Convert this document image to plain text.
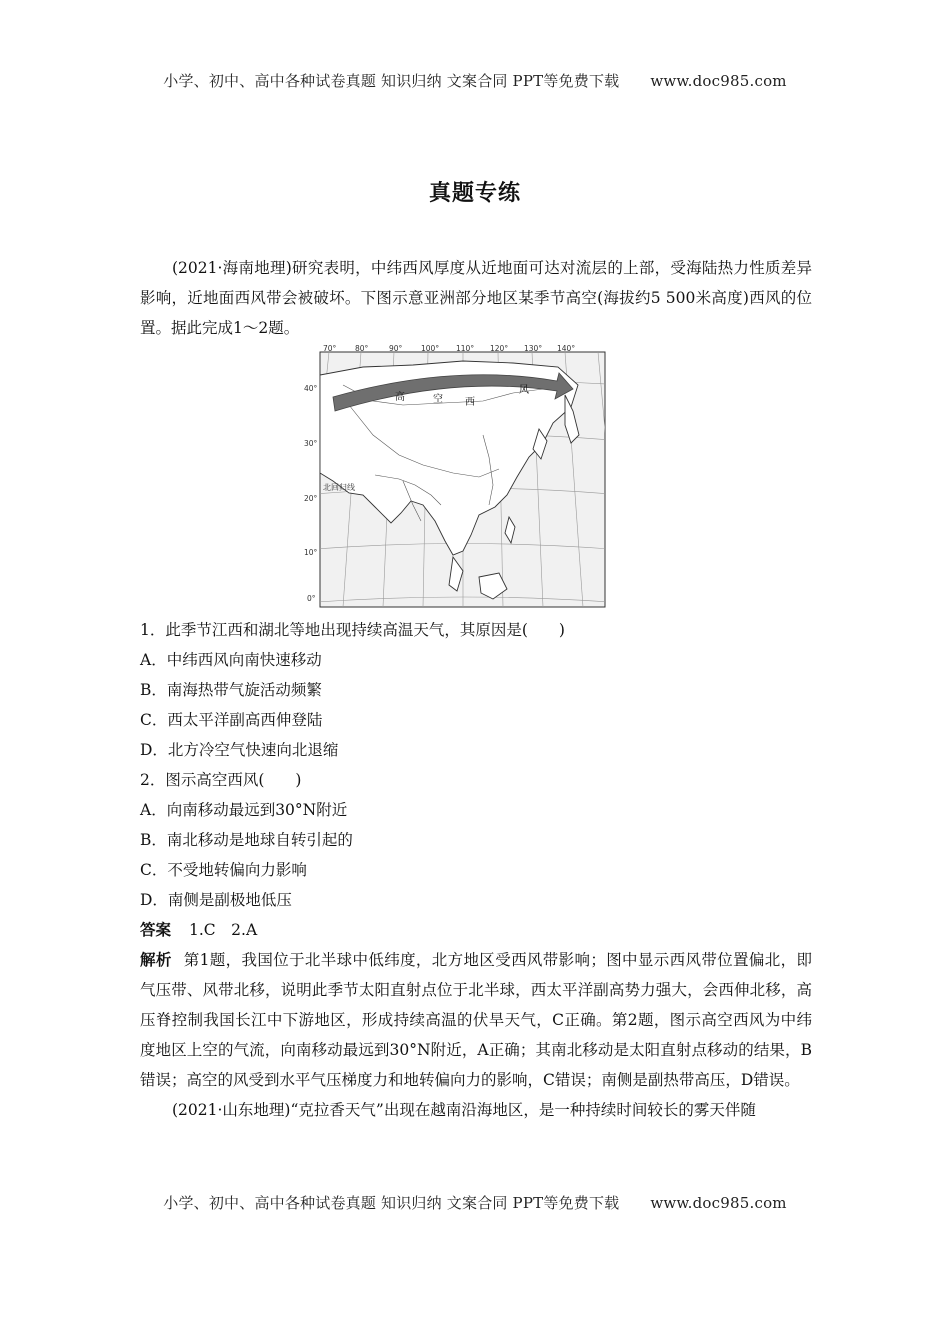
小学、初中、高中各种试卷真题 知识归纳 文案合同 PPT等免费下载 www.doc985.com
真题专练

(2021·海南地理)研究表明，中纬西风厚度从近地面可达对流层的上部，受海陆热力性质差异影响，近地面西风带会被破坏。下图示意亚洲部分地区某季节高空(海拔约5 500米高度)西风的位置。据此完成1～2题。

高	空 西
风
北回归线
70° 80°	90° 100° 110° 120° 130° 140°
40°
30°
20°
10°
0°

1．此季节江西和湖北等地出现持续高温天气，其原因是(　　)

A．中纬西风向南快速移动

B．南海热带气旋活动频繁

C．西太平洋副高西伸登陆

D．北方冷空气快速向北退缩

2．图示高空西风(　　)

A．向南移动最远到30°N附近

B．南北移动是地球自转引起的

C．不受地转偏向力影响

D．南侧是副极地低压

答案 1.C　2.A

解析 第1题，我国位于北半球中低纬度，北方地区受西风带影响；图中显示西风带位置偏北，即气压带、风带北移，说明此季节太阳直射点位于北半球，西太平洋副高势力强大，会西伸北移，高压脊控制我国长江中下游地区，形成持续高温的伏旱天气，C正确。第2题，图示高空西风为中纬度地区上空的气流，向南移动最远到30°N附近，A正确；其南北移动是太阳直射点移动的结果，B错误；高空的风受到水平气压梯度力和地转偏向力的影响，C错误；南侧是副热带高压，D错误。

(2021·山东地理)“克拉香天气”出现在越南沿海地区，是一种持续时间较长的雾天伴随

小学、初中、高中各种试卷真题 知识归纳 文案合同 PPT等免费下载 www.doc985.com
